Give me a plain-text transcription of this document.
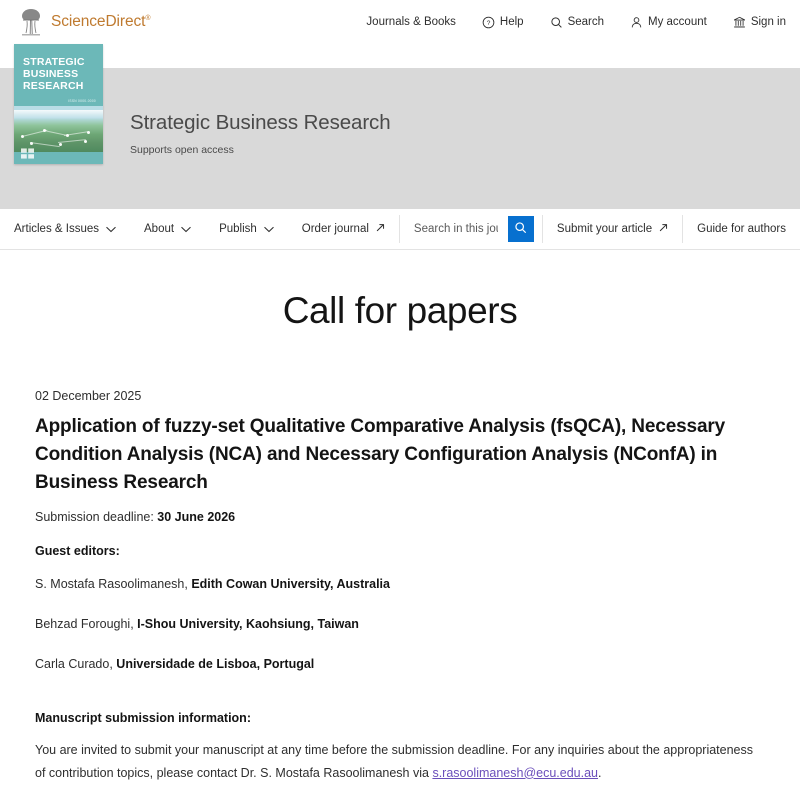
ScienceDirect®	Journals & Books	? Help	Search	My account	Sign in
STRATEGIC
BUSINESS
RESEARCH
ISSN 0000-0000
Strategic Business Research
Supports open access
Articles & Issues	About	Publish	Order journal
Search in this journal	Submit your article	Guide for authors
Call for papers
02 December 2025
Application of fuzzy-set Qualitative Comparative Analysis (fsQCA), Necessary Condition Analysis (NCA) and Necessary Configuration Analysis (NConfA) in Business Research

Submission deadline: 30 June 2026

Guest editors:

S. Mostafa Rasoolimanesh, Edith Cowan University, Australia

Behzad Foroughi, I-Shou University, Kaohsiung, Taiwan

Carla Curado, Universidade de Lisboa, Portugal

Manuscript submission information:

You are invited to submit your manuscript at any time before the submission deadline. For any inquiries about the appropriateness of contribution topics, please contact Dr. S. Mostafa Rasoolimanesh via s.rasoolimanesh@ecu.edu.au.
